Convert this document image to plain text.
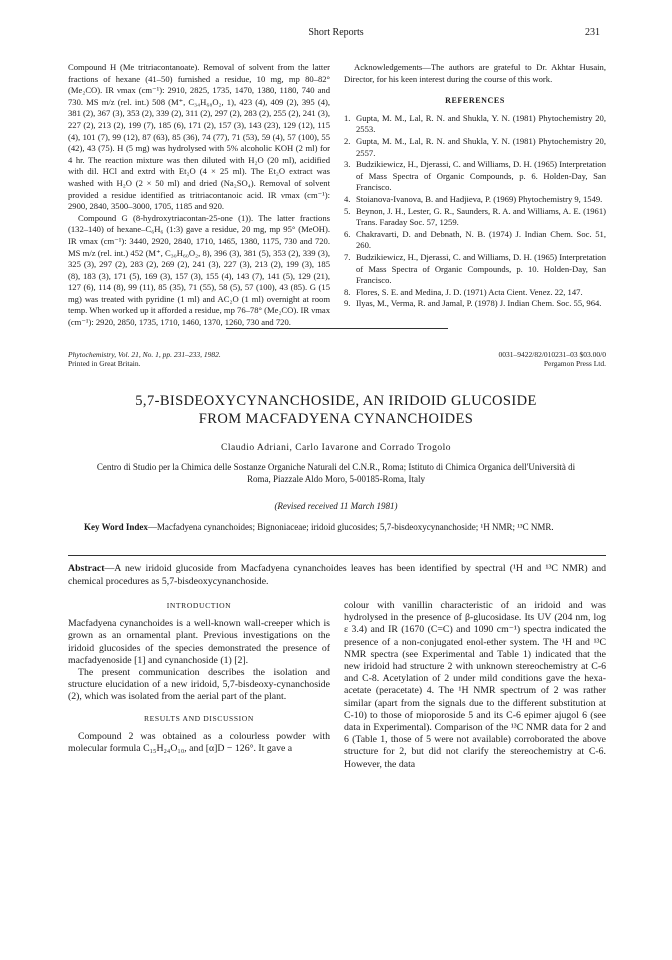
Short Reports	231

Compound H (Me tritriacontanoate). Removal of solvent from the latter fractions of hexane (41–50) furnished a residue, 10 mg, mp 80–82° (Me₂CO). IR νmax (cm⁻¹): 2910, 2825, 1735, 1470, 1380, 1180, 740 and 730. MS m/z (rel. int.) 508 (M⁺, C₃₄H₆₈O₂, 1), 423 (4), 409 (2), 395 (4), 381 (2), 367 (3), 353 (2), 339 (2), 311 (2), 297 (2), 283 (2), 255 (2), 241 (3), 227 (2), 213 (2), 199 (7), 185 (6), 171 (2), 157 (3), 143 (23), 129 (12), 115 (4), 101 (7), 99 (12), 87 (63), 85 (36), 74 (77), 71 (53), 59 (4), 57 (100), 55 (42), 43 (75). H (5 mg) was hydrolysed with 5% alcoholic KOH (2 ml) for 4 hr. The reaction mixture was then diluted with H₂O (20 ml), acidified with dil. HCl and extrd with Et₂O (4 × 25 ml). The Et₂O extract was washed with H₂O (2 × 50 ml) and dried (Na₂SO₄). Removal of solvent provided a residue identified as tritriacontanoic acid. IR νmax (cm⁻¹): 2900, 2840, 3500–3000, 1705, 1185 and 920.

Compound G (8-hydroxytriacontan-25-one (1)). The latter fractions (132–140) of hexane–C₆H₆ (1:3) gave a residue, 20 mg, mp 95° (MeOH). IR νmax (cm⁻¹): 3440, 2920, 2840, 1710, 1465, 1380, 1175, 730 and 720. MS m/z (rel. int.) 452 (M⁺, C₃₀H₆₀O₂, 8), 396 (3), 381 (5), 353 (2), 339 (3), 325 (3), 297 (2), 283 (2), 269 (2), 241 (3), 227 (3), 213 (2), 199 (3), 185 (8), 183 (3), 171 (5), 169 (3), 157 (3), 155 (4), 143 (7), 141 (5), 129 (21), 127 (6), 114 (8), 99 (11), 85 (35), 71 (55), 58 (5), 57 (100), 43 (85). G (15 mg) was treated with pyridine (1 ml) and AC₂O (1 ml) overnight at room temp. When worked up it afforded a residue, mp 76–78° (Me₂CO). IR νmax (cm⁻¹): 2920, 2850, 1735, 1710, 1460, 1370, 1260, 730 and 720.

Acknowledgements—The authors are grateful to Dr. Akhtar Husain, Director, for his keen interest during the course of this work.

REFERENCES
1. Gupta, M. M., Lal, R. N. and Shukla, Y. N. (1981) Phytochemistry 20, 2553.
2. Gupta, M. M., Lal, R. N. and Shukla, Y. N. (1981) Phytochemistry 20, 2557.
3. Budzikiewicz, H., Djerassi, C. and Williams, D. H. (1965) Interpretation of Mass Spectra of Organic Compounds, p. 6. Holden-Day, San Francisco.
4. Stoianova-Ivanova, B. and Hadjieva, P. (1969) Phytochemistry 9, 1549.
5. Beynon, J. H., Lester, G. R., Saunders, R. A. and Williams, A. E. (1961) Trans. Faraday Soc. 57, 1259.
6. Chakravarti, D. and Debnath, N. B. (1974) J. Indian Chem. Soc. 51, 260.
7. Budzikiewicz, H., Djerassi, C. and Williams, D. H. (1965) Interpretation of Mass Spectra of Organic Compounds, p. 10. Holden-Day, San Francisco.
8. Flores, S. E. and Medina, J. D. (1971) Acta Cient. Venez. 22, 147.
9. Ilyas, M., Verma, R. and Jamal, P. (1978) J. Indian Chem. Soc. 55, 964.
Phytochemistry, Vol. 21, No. 1, pp. 231–233, 1982.
Printed in Great Britain.
0031–9422/82/010231–03 $03.00/0
Pergamon Press Ltd.
5,7-BISDEOXYCYNANCHOSIDE, AN IRIDOID GLUCOSIDE
FROM MACFADYENA CYNANCHOIDES
Claudio Adriani, Carlo Iavarone and Corrado Trogolo
Centro di Studio per la Chimica delle Sostanze Organiche Naturali del C.N.R., Roma; Istituto di Chimica Organica dell'Università di Roma, Piazzale Aldo Moro, 5-00185-Roma, Italy
(Revised received 11 March 1981)
Key Word Index—Macfadyena cynanchoides; Bignoniaceae; iridoid glucosides; 5,7-bisdeoxycynanchoside; ¹H NMR; ¹³C NMR.
Abstract—A new iridoid glucoside from Macfadyena cynanchoides leaves has been identified by spectral (¹H and ¹³C NMR) and chemical procedures as 5,7-bisdeoxycynanchoside.
INTRODUCTION

Macfadyena cynanchoides is a well-known wall-creeper which is grown as an ornamental plant. Previous investigations on the iridoid glucosides of the species demonstrated the presence of macfadyenoside [1] and cynanchoside (1) [2].

The present communication describes the isolation and structure elucidation of a new iridoid, 5,7-bisdeoxy-cynanchoside (2), which was isolated from the aerial part of the plant.

RESULTS AND DISCUSSION

Compound 2 was obtained as a colourless powder with molecular formula C₁₅H₂₄O₁₀, and [α]D − 126°. It gave a

colour with vanillin characteristic of an iridoid and was hydrolysed in the presence of β-glucosidase. Its UV (204 nm, log ε 3.4) and IR (1670 (C=C) and 1090 cm⁻¹) spectra indicated the presence of a non-conjugated enol-ether system. The ¹H and ¹³C NMR spectra (see Experimental and Table 1) indicated that the new iridoid had structure 2 with unknown stereochemistry at C-6 and C-8. Acetylation of 2 under mild conditions gave the hexa-acetate (peracetate) 4. The ¹H NMR spectrum of 2 was rather similar (apart from the signals due to the different substitution at C-10) to those of mioporoside 5 and its C-6 epimer ajugol 6 (see data in Experimental). Comparison of the ¹³C NMR data for 2 and 6 (Table 1, those of 5 were not available) corroborated the above structure for 2, but did not clarify the stereochemistry at C-6. However, the data
